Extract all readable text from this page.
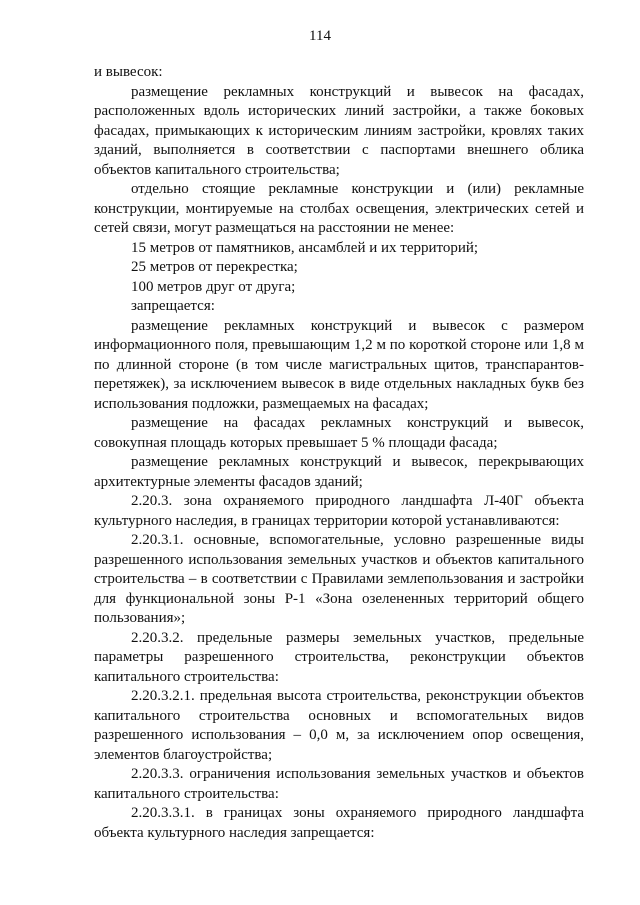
114

и вывесок:

размещение рекламных конструкций и вывесок на фасадах, расположенных вдоль исторических линий застройки, а также боковых фасадах, примыкающих к историческим линиям застройки, кровлях таких зданий, выполняется в соответствии с паспортами внешнего облика объектов капитального строительства;

отдельно стоящие рекламные конструкции и (или) рекламные конструкции, монтируемые на столбах освещения, электрических сетей и сетей связи, могут размещаться на расстоянии не менее:

15 метров от памятников, ансамблей и их территорий;

25 метров от перекрестка;

100 метров друг от друга;

запрещается:

размещение рекламных конструкций и вывесок с размером информационного поля, превышающим 1,2 м по короткой стороне или 1,8 м по длинной стороне (в том числе магистральных щитов, транспарантов-перетяжек), за исключением вывесок в виде отдельных накладных букв без использования подложки, размещаемых на фасадах;

размещение на фасадах рекламных конструкций и вывесок, совокупная площадь которых превышает 5 % площади фасада;

размещение рекламных конструкций и вывесок, перекрывающих архитектурные элементы фасадов зданий;

2.20.3. зона охраняемого природного ландшафта Л-40Г объекта культурного наследия, в границах территории которой устанавливаются:

2.20.3.1. основные, вспомогательные, условно разрешенные виды разрешенного использования земельных участков и объектов капитального строительства – в соответствии с Правилами землепользования и застройки для функциональной зоны Р-1 «Зона озелененных территорий общего пользования»;

2.20.3.2. предельные размеры земельных участков, предельные параметры разрешенного строительства, реконструкции объектов капитального строительства:

2.20.3.2.1. предельная высота строительства, реконструкции объектов капитального строительства основных и вспомогательных видов разрешенного использования – 0,0 м, за исключением опор освещения, элементов благоустройства;

2.20.3.3. ограничения использования земельных участков и объектов капитального строительства:

2.20.3.3.1. в границах зоны охраняемого природного ландшафта объекта культурного наследия запрещается:
